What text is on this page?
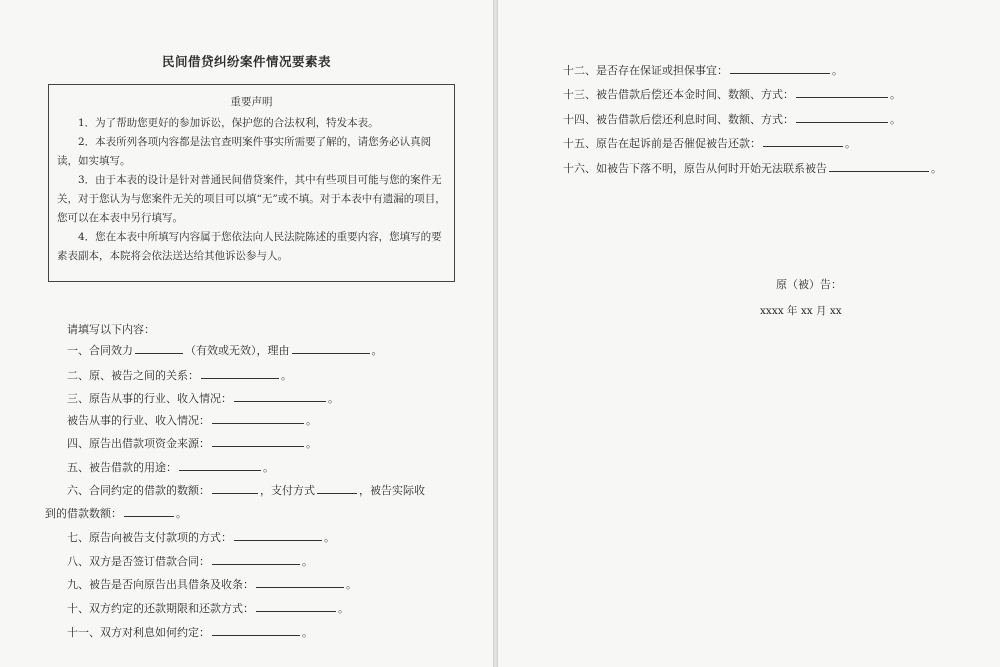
民间借贷纠纷案件情况要素表
重要声明

1．为了帮助您更好的参加诉讼，保护您的合法权利，特发本表。

2．本表所列各项内容都是法官查明案件事实所需要了解的，请您务必认真阅读，如实填写。

3．由于本表的设计是针对普通民间借贷案件，其中有些项目可能与您的案件无关，对于您认为与您案件无关的项目可以填“无”或不填。对于本表中有遗漏的项目，您可以在本表中另行填写。

4．您在本表中所填写内容属于您依法向人民法院陈述的重要内容，您填写的要素表副本，本院将会依法送达给其他诉讼参与人。

请填写以下内容：
一、合同效力	（有效或无效），理由	。
二、原、被告之间的关系：	。
三、原告从事的行业、收入情况：	。
被告从事的行业、收入情况：	。
四、原告出借款项资金来源：	。
五、被告借款的用途：	。
六、合同约定的借款的数额：	，支付方式	，被告实际收
到的借款数额：	。
七、原告向被告支付款项的方式：	。
八、双方是否签订借款合同：	。
九、被告是否向原告出具借条及收条：	。
十、双方约定的还款期限和还款方式：	。
十一、双方对利息如何约定：	。
十二、是否存在保证或担保事宜：	。
十三、被告借款后偿还本金时间、数额、方式：	。
十四、被告借款后偿还利息时间、数额、方式：	。
十五、原告在起诉前是否催促被告还款：	。
十六、如被告下落不明，原告从何时开始无法联系被告	。
原（被）告：
xxxx 年 xx 月 xx
